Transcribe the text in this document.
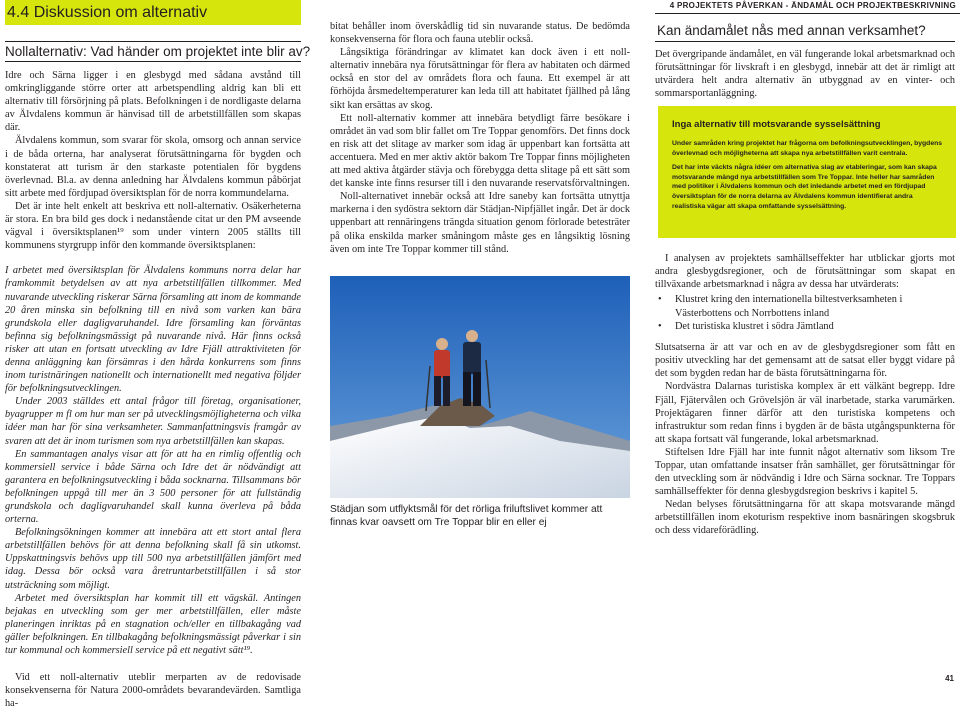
4.4 Diskussion om alternativ
Nollalternativ: Vad händer om projektet inte blir av?

Idre och Särna ligger i en glesbygd med sådana avstånd till omkringliggande större orter att arbetspendling aldrig kan bli ett alternativ till försörjning på plats. Befolkningen i de nordligaste delarna av Älvdalens kommun är hänvisad till de arbetstillfällen som skapas där.

Älvdalens kommun, som svarar för skola, omsorg och annan service i de båda orterna, har analyserat förutsättningarna för bygden och konstaterat att turism är den starkaste potentialen för bygdens överlevnad. Bl.a. av denna anledning har Älvdalens kommun påbörjat sitt arbete med fördjupad översiktsplan för de norra kommundelarna.

Det är inte helt enkelt att beskriva ett noll-alternativ. Osäkerheterna är stora. En bra bild ges dock i nedanstående citat ur den PM avseende vägval i översiktsplanen¹⁹ som under vintern 2005 ställts till kommunens styrgrupp inför den kommande översiktsplanen:

I arbetet med översiktsplan för Älvdalens kommuns norra delar har framkommit betydelsen av att nya arbetstillfällen tillkommer. Med nuvarande utveckling riskerar Särna församling att inom de kommande 20 åren minska sin befolkning till en nivå som varken kan bära grundskola eller dagligvaruhandel. Idre församling kan förväntas befinna sig befolkningsmässigt på nuvarande nivå. Här finns också risker att utan en fortsatt utveckling av Idre Fjäll attraktiviteten för denna anläggning kan försämras i den hårda konkurrens som finns inom turistnäringen nationellt och internationellt med negativa följder för befolkningsutvecklingen.

Under 2003 ställdes ett antal frågor till företag, organisationer, byagrupper m fl om hur man ser på utvecklingsmöjligheterna och vilka idéer man har för sina verksamheter. Sammanfattningsvis framgår av svaren att det är inom turismen som nya arbetstillfällen kan skapas.

En sammantagen analys visar att för att ha en rimlig offentlig och kommersiell service i både Särna och Idre det är nödvändigt att garantera en befolkningsutveckling i båda socknarna. Tillsammans bör befolkningen uppgå till mer än 3 500 personer för att fullständig grundskola och dagligvaruhandel skall kunna överleva på båda orterna.

Befolkningsökningen kommer att innebära att ett stort antal flera arbetstillfällen behövs för att denna befolkning skall få sin utkomst. Uppskattningsvis behövs upp till 500 nya arbetstillfällen jämfört med idag. Dessa bör också vara åretruntarbetstillfällen i så stor utsträckning som möjligt.

Arbetet med översiktsplan har kommit till ett vägskäl. Antingen bejakas en utveckling som ger mer arbetstillfällen, eller måste planeringen inriktas på en stagnation och/eller en tillbakagång vad gäller befolkningen. En tillbakagång befolkningsmässigt påverkar i sin tur kommunal och kommersiell service på ett negativt sätt¹⁹.

Vid ett noll-alternativ uteblir merparten av de redovisade konsekvenserna för Natura 2000-områdets bevarandevärden. Samtliga ha-

bitat behåller inom överskådlig tid sin nuvarande status. De bedömda konsekvenserna för flora och fauna uteblir också.

Långsiktiga förändringar av klimatet kan dock även i ett noll-alternativ innebära nya förutsättningar för flera av habitaten och därmed också en stor del av områdets flora och fauna. Ett exempel är att förhöjda årsmedeltemperaturer kan leda till att habitatet fjällhed på lång sikt kan ersättas av skog.

Ett noll-alternativ kommer att innebära betydligt färre besökare i området än vad som blir fallet om Tre Toppar genomförs. Det finns dock en risk att det slitage av marker som idag är uppenbart kan fortsätta att accentuera. Med en mer aktiv aktör bakom Tre Toppar finns möjligheten att med aktiva åtgärder stävja och förebygga detta slitage på ett sätt som det kanske inte finns resurser till i den nuvarande reservatsförvaltningen.

Noll-alternativet innebär också att Idre saneby kan fortsätta utnyttja markerna i den sydöstra sektorn där Städjan-Nipfjället ingår. Det är dock uppenbart att rennäringens trängda situation genom förlorade betesträter på olika enskilda marker småningom måste ges en långsiktig lösning även om inte Tre Toppar kommer till stånd.

Städjan som utflyktsmål för det rörliga friluftslivet kommer att finnas kvar oavsett om Tre Toppar blir en eller ej
4 PROJEKTETS PÅVERKAN - ÄNDAMÅL OCH PROJEKTBESKRIVNING
Kan ändamålet nås med annan verksamhet?

Det övergripande ändamålet, en väl fungerande lokal arbetsmarknad och förutsättningar för livskraft i en glesbygd, innebär att det är rimligt att utvärdera helt andra alternativ än utbyggnad av en vinter- och sommarsportanläggning.

Inga alternativ till motsvarande sysselsättning

Under samråden kring projektet har frågorna om befolkningsutvecklingen, bygdens överlevnad och möjligheterna att skapa nya arbetstillfällen varit centrala.

Det har inte väckts några idéer om alternativa slag av etableringar, som kan skapa motsvarande mängd nya arbetstillfällen som Tre Toppar. Inte heller har samråden med politiker i Älvdalens kommun och det inledande arbetet med en fördjupad översiktsplan för de norra delarna av Älvdalens kommun identifierat andra realistiska vägar att skapa omfattande sysselsättning.

I analysen av projektets samhällseffekter har utblickar gjorts mot andra glesbygdsregioner, och de förutsättningar som skapat en tillväxande arbetsmarknad i några av dessa har utvärderats:

• Klustret kring den internationella biltestverksamheten i Västerbottens och Norrbottens inland
• Det turistiska klustret i södra Jämtland

Slutsatserna är att var och en av de glesbygdsregioner som fått en positiv utveckling har det gemensamt att de satsat eller byggt vidare på det som bygden redan har de bästa förutsättningarna för.

Nordvästra Dalarnas turistiska komplex är ett välkänt begrepp. Idre Fjäll, Fjätervålen och Grövelsjön är väl inarbetade, starka varumärken. Projektägaren finner därför att den turistiska kompetens och infrastruktur som redan finns i bygden är de bästa utgångspunkterna för att skapa fortsatt väl fungerande, lokal arbetsmarknad.

Stiftelsen Idre Fjäll har inte funnit något alternativ som liksom Tre Toppar, utan omfattande insatser från samhället, ger förutsättningar för den utveckling som är nödvändig i Idre och Särna socknar. Tre Toppars samhällseffekter för denna glesbygdsregion beskrivs i kapitel 5.

Nedan belyses förutsättningarna för att skapa motsvarande mängd arbetstillfällen inom ekoturism respektive inom basnäringen skogsbruk och dess vidareförädling.

41
